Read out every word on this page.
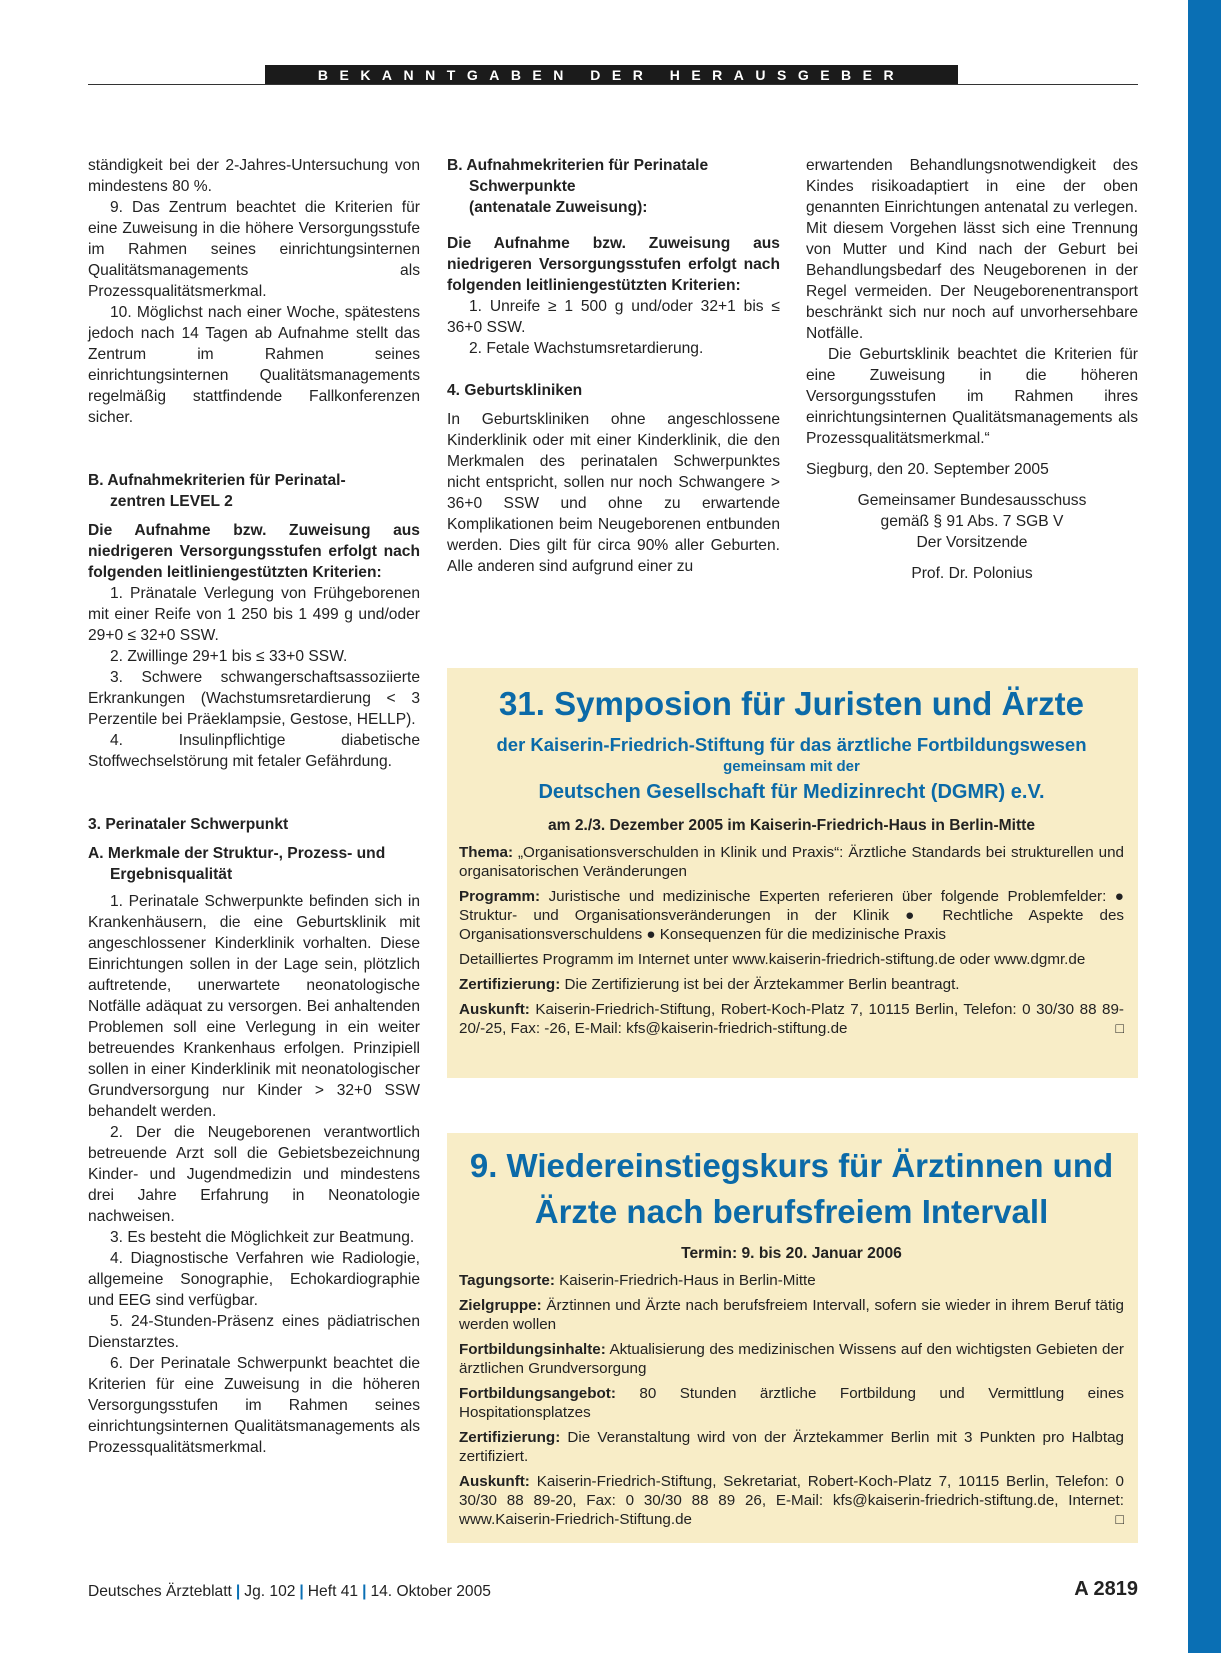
BEKANNTGABEN DER HERAUSGEBER

ständigkeit bei der 2-Jahres-Untersuchung von mindestens 80 %.

9. Das Zentrum beachtet die Kriterien für eine Zuweisung in die höhere Versorgungsstufe im Rahmen seines einrichtungsinternen Qualitätsmanagements als Prozessqualitätsmerkmal.

10. Möglichst nach einer Woche, spätestens jedoch nach 14 Tagen ab Aufnahme stellt das Zentrum im Rahmen seines einrichtungsinternen Qualitätsmanagements regelmäßig stattfindende Fallkonferenzen sicher.

B. Aufnahmekriterien für Perinatal-

zentren LEVEL 2

Die Aufnahme bzw. Zuweisung aus niedrigeren Versorgungsstufen erfolgt nach folgenden leitliniengestützten Kriterien:

1. Pränatale Verlegung von Frühgeborenen mit einer Reife von 1 250 bis 1 499 g und/oder 29+0 ≤ 32+0 SSW.

2. Zwillinge 29+1 bis ≤ 33+0 SSW.

3. Schwere schwangerschaftsassoziierte Erkrankungen (Wachstumsretardierung < 3 Perzentile bei Präeklampsie, Gestose, HELLP).

4. Insulinpflichtige diabetische Stoffwechselstörung mit fetaler Gefährdung.

3. Perinataler Schwerpunkt

A. Merkmale der Struktur-, Prozess- und

Ergebnisqualität

1. Perinatale Schwerpunkte befinden sich in Krankenhäusern, die eine Geburtsklinik mit angeschlossener Kinderklinik vorhalten. Diese Einrichtungen sollen in der Lage sein, plötzlich auftretende, unerwartete neonatologische Notfälle adäquat zu versorgen. Bei anhaltenden Problemen soll eine Verlegung in ein weiter betreuendes Krankenhaus erfolgen. Prinzipiell sollen in einer Kinderklinik mit neonatologischer Grundversorgung nur Kinder > 32+0 SSW behandelt werden.

2. Der die Neugeborenen verantwortlich betreuende Arzt soll die Gebietsbezeichnung Kinder- und Jugendmedizin und mindestens drei Jahre Erfahrung in Neonatologie nachweisen.

3. Es besteht die Möglichkeit zur Beatmung.

4. Diagnostische Verfahren wie Radiologie, allgemeine Sonographie, Echokardiographie und EEG sind verfügbar.

5. 24-Stunden-Präsenz eines pädiatrischen Dienstarztes.

6. Der Perinatale Schwerpunkt beachtet die Kriterien für eine Zuweisung in die höheren Versorgungsstufen im Rahmen seines einrichtungsinternen Qualitätsmanagements als Prozessqualitätsmerkmal.

B. Aufnahmekriterien für Perinatale

Schwerpunkte

(antenatale Zuweisung):

Die Aufnahme bzw. Zuweisung aus niedrigeren Versorgungsstufen erfolgt nach folgenden leitliniengestützten Kriterien:

1. Unreife ≥ 1 500 g und/oder 32+1 bis ≤ 36+0 SSW.

2. Fetale Wachstumsretardierung.

4. Geburtskliniken

In Geburtskliniken ohne angeschlossene Kinderklinik oder mit einer Kinderklinik, die den Merkmalen des perinatalen Schwerpunktes nicht entspricht, sollen nur noch Schwangere > 36+0 SSW und ohne zu erwartende Komplikationen beim Neugeborenen entbunden werden. Dies gilt für circa 90% aller Geburten. Alle anderen sind aufgrund einer zu

erwartenden Behandlungsnotwendigkeit des Kindes risikoadaptiert in eine der oben genannten Einrichtungen antenatal zu verlegen. Mit diesem Vorgehen lässt sich eine Trennung von Mutter und Kind nach der Geburt bei Behandlungsbedarf des Neugeborenen in der Regel vermeiden. Der Neugeborenentransport beschränkt sich nur noch auf unvorhersehbare Notfälle.

Die Geburtsklinik beachtet die Kriterien für eine Zuweisung in die höheren Versorgungsstufen im Rahmen ihres einrichtungsinternen Qualitätsmanagements als Prozessqualitätsmerkmal.“

Siegburg, den 20. September 2005

Gemeinsamer Bundesausschuss

gemäß § 91 Abs. 7 SGB V

Der Vorsitzende

Prof. Dr. Polonius

31. Symposion für Juristen und Ärzte
der Kaiserin-Friedrich-Stiftung für das ärztliche Fortbildungswesen
gemeinsam mit der
Deutschen Gesellschaft für Medizinrecht (DGMR) e.V.
am 2./3. Dezember 2005 im Kaiserin-Friedrich-Haus in Berlin-Mitte

Thema: „Organisationsverschulden in Klinik und Praxis“: Ärztliche Standards bei strukturellen und organisatorischen Veränderungen

Programm: Juristische und medizinische Experten referieren über folgende Problemfelder: ● Struktur- und Organisationsveränderungen in der Klinik ● Rechtliche Aspekte des Organisationsverschuldens ● Konsequenzen für die medizinische Praxis

Detailliertes Programm im Internet unter www.kaiserin-friedrich-stiftung.de oder www.dgmr.de

Zertifizierung: Die Zertifizierung ist bei der Ärztekammer Berlin beantragt.

Auskunft: Kaiserin-Friedrich-Stiftung, Robert-Koch-Platz 7, 10115 Berlin, Telefon: 0 30/30 88 89-20/-25, Fax: -26, E-Mail: kfs@kaiserin-friedrich-stiftung.de	□

9. Wiedereinstiegskurs für Ärztinnen und Ärzte nach berufsfreiem Intervall
Termin: 9. bis 20. Januar 2006

Tagungsorte: Kaiserin-Friedrich-Haus in Berlin-Mitte

Zielgruppe: Ärztinnen und Ärzte nach berufsfreiem Intervall, sofern sie wieder in ihrem Beruf tätig werden wollen

Fortbildungsinhalte: Aktualisierung des medizinischen Wissens auf den wichtigsten Gebieten der ärztlichen Grundversorgung

Fortbildungsangebot: 80 Stunden ärztliche Fortbildung und Vermittlung eines Hospitationsplatzes

Zertifizierung: Die Veranstaltung wird von der Ärztekammer Berlin mit 3 Punkten pro Halbtag zertifiziert.

Auskunft: Kaiserin-Friedrich-Stiftung, Sekretariat, Robert-Koch-Platz 7, 10115 Berlin, Telefon: 0 30/30 88 89-20, Fax: 0 30/30 88 89 26, E-Mail: kfs@kaiserin-friedrich-stiftung.de, Internet: www.Kaiserin-Friedrich-Stiftung.de	□

Deutsches Ärzteblatt | Jg. 102 | Heft 41 | 14. Oktober 2005	A 2819
